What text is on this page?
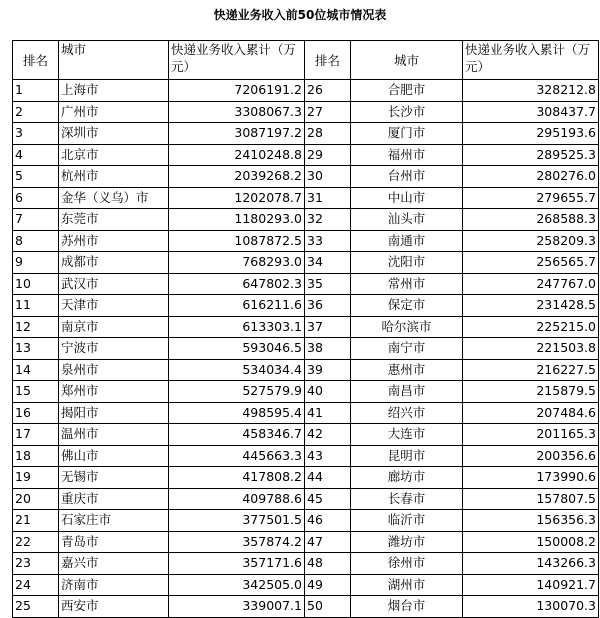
快递业务收入前50位城市情况表
排名	城市	快递业务收入累计（万元）	排名	城市	快递业务收入累计（万元）
1	上海市	7206191.2	26	合肥市	328212.8
2	广州市	3308067.3	27	长沙市	308437.7
3	深圳市	3087197.2	28	厦门市	295193.6
4	北京市	2410248.8	29	福州市	289525.3
5	杭州市	2039268.2	30	台州市	280276.0
6	金华（义乌）市	1202078.7	31	中山市	279655.7
7	东莞市	1180293.0	32	汕头市	268588.3
8	苏州市	1087872.5	33	南通市	258209.3
9	成都市	768293.0	34	沈阳市	256565.7
10	武汉市	647802.3	35	常州市	247767.0
11	天津市	616211.6	36	保定市	231428.5
12	南京市	613303.1	37	哈尔滨市	225215.0
13	宁波市	593046.5	38	南宁市	221503.8
14	泉州市	534034.4	39	惠州市	216227.5
15	郑州市	527579.9	40	南昌市	215879.5
16	揭阳市	498595.4	41	绍兴市	207484.6
17	温州市	458346.7	42	大连市	201165.3
18	佛山市	445663.3	43	昆明市	200356.6
19	无锡市	417808.2	44	廊坊市	173990.6
20	重庆市	409788.6	45	长春市	157807.5
21	石家庄市	377501.5	46	临沂市	156356.3
22	青岛市	357874.2	47	潍坊市	150008.2
23	嘉兴市	357171.6	48	徐州市	143266.3
24	济南市	342505.0	49	湖州市	140921.7
25	西安市	339007.1	50	烟台市	130070.3
